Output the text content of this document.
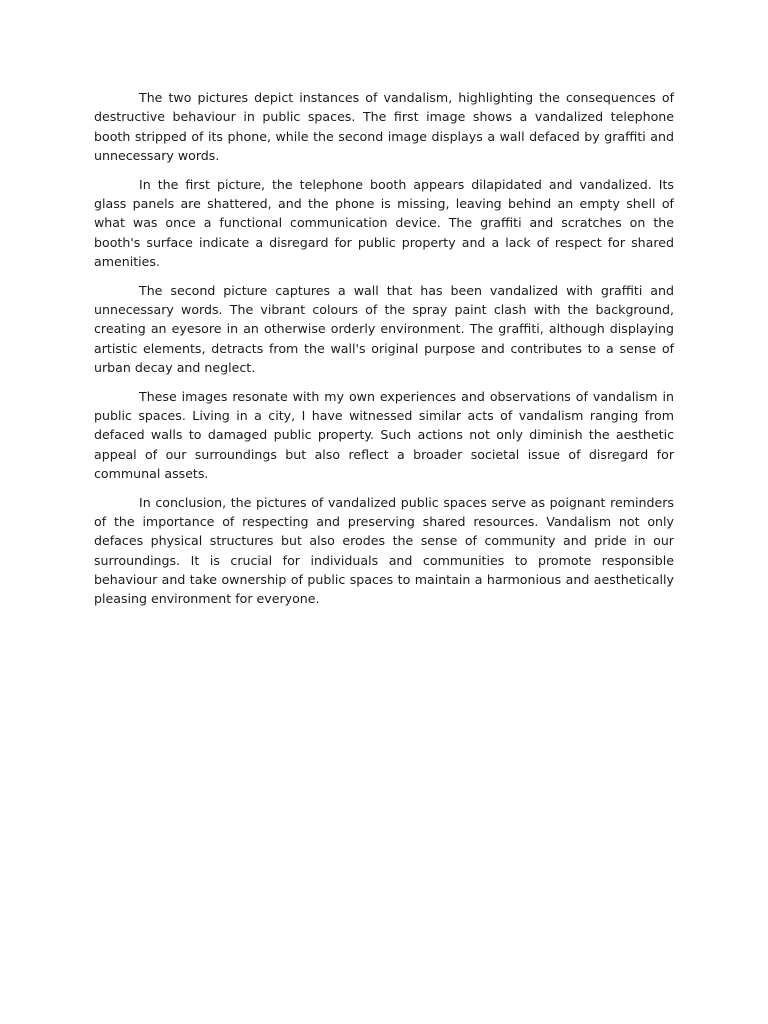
The two pictures depict instances of vandalism, highlighting the consequences of destructive behaviour in public spaces. The first image shows a vandalized telephone booth stripped of its phone, while the second image displays a wall defaced by graffiti and unnecessary words.

In the first picture, the telephone booth appears dilapidated and vandalized. Its glass panels are shattered, and the phone is missing, leaving behind an empty shell of what was once a functional communication device. The graffiti and scratches on the booth's surface indicate a disregard for public property and a lack of respect for shared amenities.

The second picture captures a wall that has been vandalized with graffiti and unnecessary words. The vibrant colours of the spray paint clash with the background, creating an eyesore in an otherwise orderly environment. The graffiti, although displaying artistic elements, detracts from the wall's original purpose and contributes to a sense of urban decay and neglect.

These images resonate with my own experiences and observations of vandalism in public spaces. Living in a city, I have witnessed similar acts of vandalism ranging from defaced walls to damaged public property. Such actions not only diminish the aesthetic appeal of our surroundings but also reflect a broader societal issue of disregard for communal assets.

In conclusion, the pictures of vandalized public spaces serve as poignant reminders of the importance of respecting and preserving shared resources. Vandalism not only defaces physical structures but also erodes the sense of community and pride in our surroundings. It is crucial for individuals and communities to promote responsible behaviour and take ownership of public spaces to maintain a harmonious and aesthetically pleasing environment for everyone.
